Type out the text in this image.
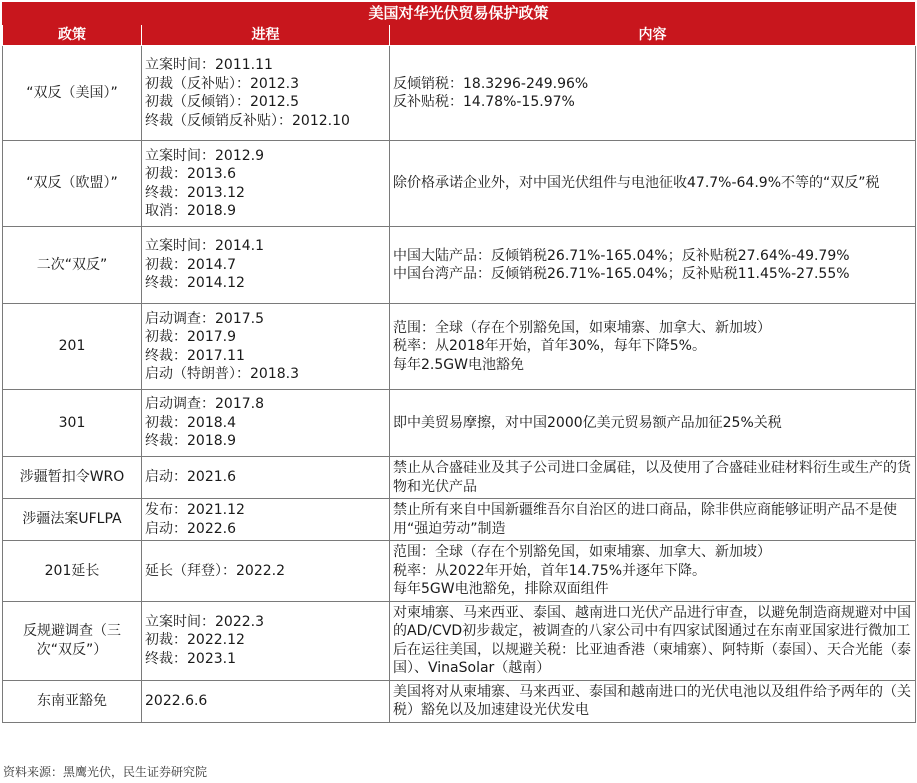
美国对华光伏贸易保护政策
政策	进程	内容

“双反（美国）”	立案时间：2011.11
初裁（反补贴）：2012.3
初裁（反倾销）：2012.5
终裁（反倾销反补贴）：2012.10	反倾销税：18.3296-249.96%
反补贴税：14.78%-15.97%

“双反（欧盟）”	立案时间：2012.9
初裁：2013.6
终裁：2013.12
取消：2018.9	除价格承诺企业外，对中国光伏组件与电池征收47.7%-64.9%不等的“双反”税

二次“双反”	立案时间：2014.1
初裁：2014.7
终裁：2014.12	中国大陆产品：反倾销税26.71%-165.04%；反补贴税27.64%-49.79%
中国台湾产品：反倾销税26.71%-165.04%；反补贴税11.45%-27.55%

201	启动调查：2017.5
初裁：2017.9
终裁：2017.11
启动（特朗普）：2018.3	范围：全球（存在个别豁免国，如柬埔寨、加拿大、新加坡）
税率：从2018年开始，首年30%，每年下降5%。
每年2.5GW电池豁免

301	启动调查：2017.8
初裁：2018.4
终裁：2018.9	即中美贸易摩擦，对中国2000亿美元贸易额产品加征25%关税

涉疆暂扣令WRO	启动：2021.6	禁止从合盛硅业及其子公司进口金属硅，以及使用了合盛硅业硅材料衍生或生产的货物和光伏产品

涉疆法案UFLPA	发布：2021.12
启动：2022.6	禁止所有来自中国新疆维吾尔自治区的进口商品，除非供应商能够证明产品不是使用“强迫劳动”制造

201延长	延长（拜登）：2022.2	范围：全球（存在个别豁免国，如柬埔寨、加拿大、新加坡）
税率：从2022年开始，首年14.75%并逐年下降。
每年5GW电池豁免，排除双面组件

反规避调查（三次“双反”）	立案时间：2022.3
初裁：2022.12
终裁：2023.1	对柬埔寨、马来西亚、泰国、越南进口光伏产品进行审查，以避免制造商规避对中国的AD/CVD初步裁定，被调查的八家公司中有四家试图通过在东南亚国家进行微加工后在运往美国，以规避关税：比亚迪香港（柬埔寨）、阿特斯（泰国）、天合光能（泰国）、VinaSolar（越南）

东南亚豁免	2022.6.6	美国将对从柬埔寨、马来西亚、泰国和越南进口的光伏电池以及组件给予两年的（关税）豁免以及加速建设光伏发电
资料来源：黑鹰光伏，民生证券研究院
